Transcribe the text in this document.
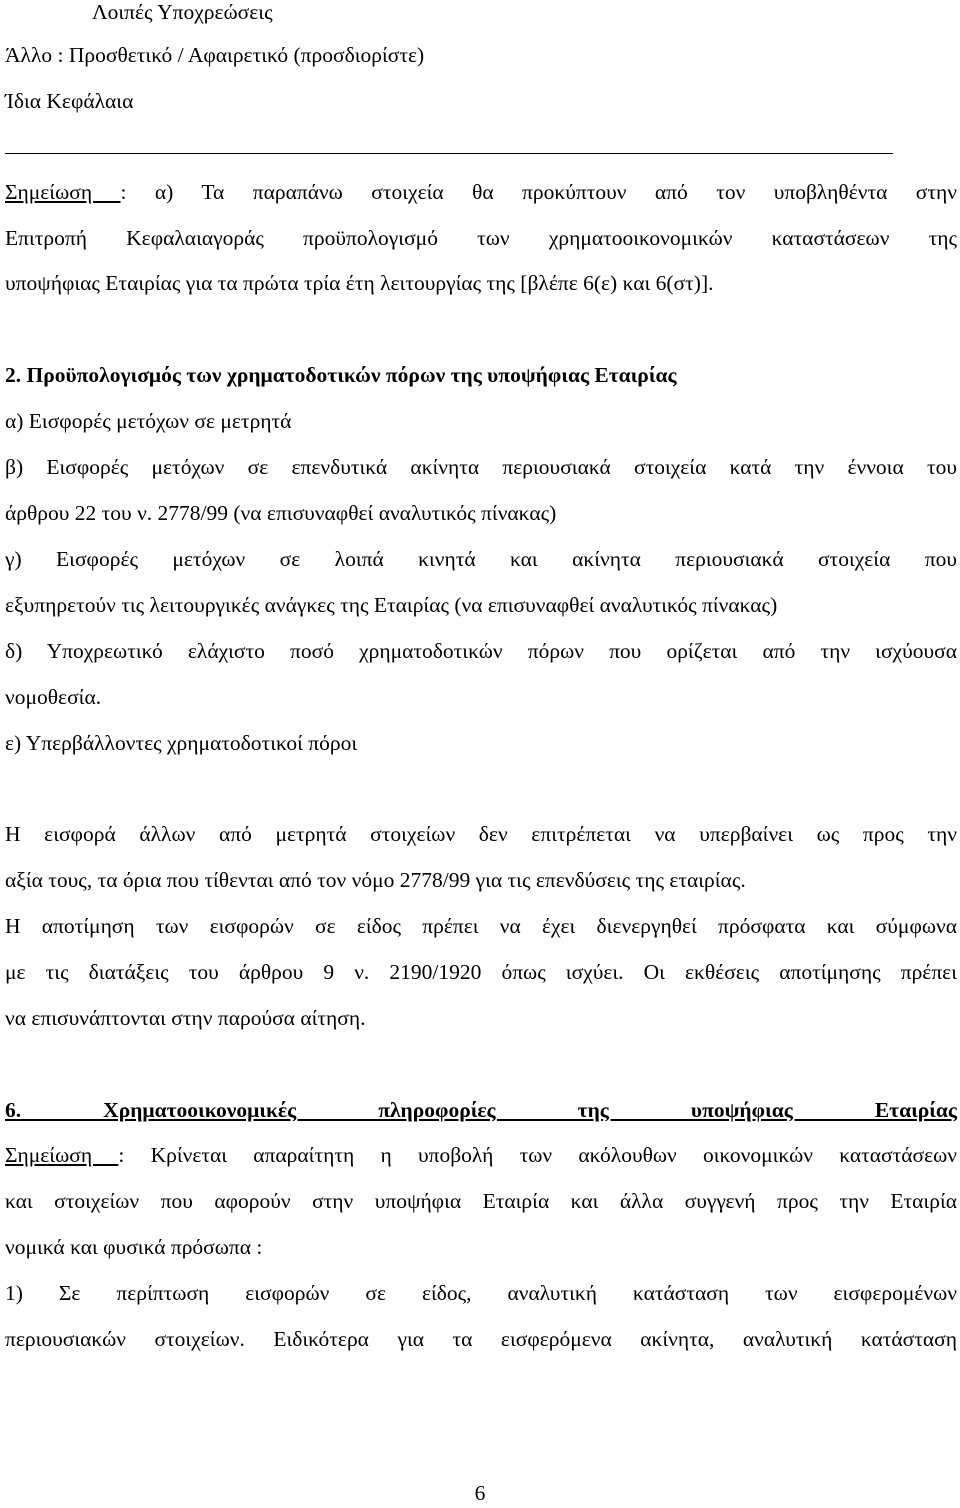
Λοιπές Υποχρεώσεις

Άλλο : Προσθετικό / Αφαιρετικό (προσδιορίστε)

Ίδια Κεφάλαια

Σημείωση : α) Τα παραπάνω στοιχεία θα προκύπτουν από τον υποβληθέντα στην

Επιτροπή Κεφαλαιαγοράς προϋπολογισμό των χρηματοοικονομικών καταστάσεων της

υποψήφιας Εταιρίας για τα πρώτα τρία έτη λειτουργίας της [βλέπε 6(ε) και 6(στ)].

2. Προϋπολογισμός των χρηματοδοτικών πόρων της υποψήφιας Εταιρίας

α) Εισφορές μετόχων σε μετρητά

β) Εισφορές μετόχων σε επενδυτικά ακίνητα περιουσιακά στοιχεία κατά την έννοια του

άρθρου 22 του ν. 2778/99 (να επισυναφθεί αναλυτικός πίνακας)

γ) Εισφορές μετόχων σε λοιπά κινητά και ακίνητα περιουσιακά στοιχεία που

εξυπηρετούν τις λειτουργικές ανάγκες της Εταιρίας (να επισυναφθεί αναλυτικός πίνακας)

δ) Υποχρεωτικό ελάχιστο ποσό χρηματοδοτικών πόρων που ορίζεται από την ισχύουσα

νομοθεσία.

ε) Υπερβάλλοντες χρηματοδοτικοί πόροι

Η εισφορά άλλων από μετρητά στοιχείων δεν επιτρέπεται να υπερβαίνει ως προς την

αξία τους, τα όρια που τίθενται από τον νόμο 2778/99 για τις επενδύσεις της εταιρίας.

Η αποτίμηση των εισφορών σε είδος πρέπει να έχει διενεργηθεί πρόσφατα και σύμφωνα

με τις διατάξεις του άρθρου 9 ν. 2190/1920 όπως ισχύει. Οι εκθέσεις αποτίμησης πρέπει

να επισυνάπτονται στην παρούσα αίτηση.

6. Χρηματοοικονομικές πληροφορίες της υποψήφιας Εταιρίας

Σημείωση : Κρίνεται απαραίτητη η υποβολή των ακόλουθων οικονομικών καταστάσεων

και στοιχείων που αφορούν στην υποψήφια Εταιρία και άλλα συγγενή προς την Εταιρία

νομικά και φυσικά πρόσωπα :

1) Σε περίπτωση εισφορών σε είδος, αναλυτική κατάσταση των εισφερομένων

περιουσιακών στοιχείων. Ειδικότερα για τα εισφερόμενα ακίνητα, αναλυτική κατάσταση

6
